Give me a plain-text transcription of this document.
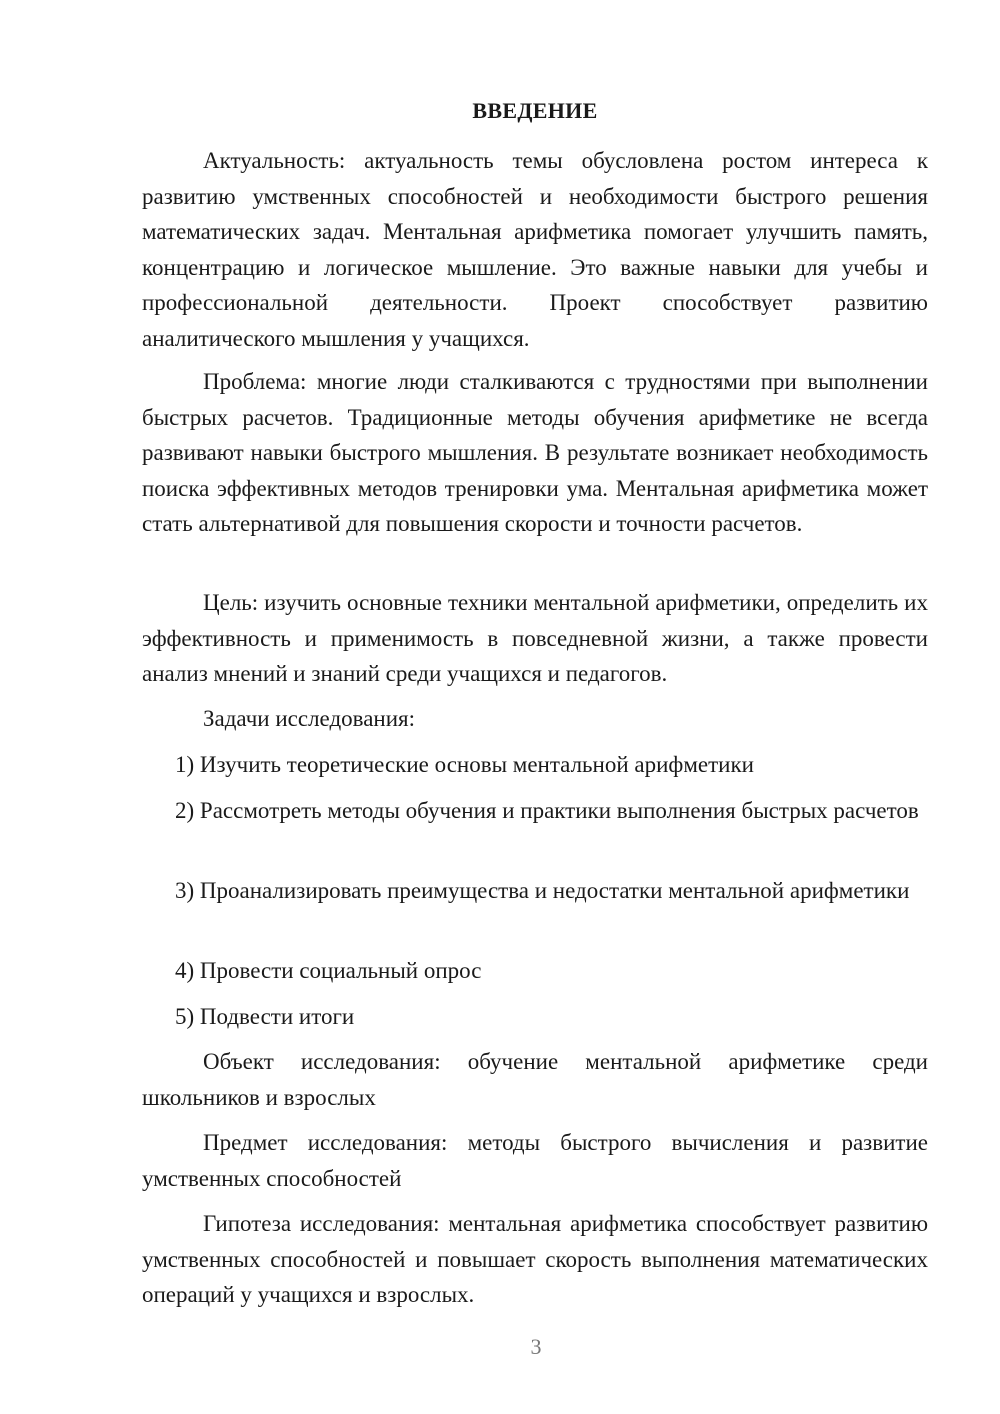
ВВЕДЕНИЕ

Актуальность: актуальность темы обусловлена ростом интереса к развитию умственных способностей и необходимости быстрого решения математических задач. Ментальная арифметика помогает улучшить память, концентрацию и логическое мышление. Это важные навыки для учебы и профессиональной деятельности. Проект способствует развитию аналитического мышления у учащихся.

Проблема: многие люди сталкиваются с трудностями при выполнении быстрых расчетов. Традиционные методы обучения арифметике не всегда развивают навыки быстрого мышления. В результате возникает необходимость поиска эффективных методов тренировки ума. Ментальная арифметика может стать альтернативой для повышения скорости и точности расчетов.

Цель: изучить основные техники ментальной арифметики, определить их эффективность и применимость в повседневной жизни, а также провести анализ мнений и знаний среди учащихся и педагогов.

Задачи исследования:

1) Изучить теоретические основы ментальной арифметики

2) Рассмотреть методы обучения и практики выполнения быстрых расчетов

3) Проанализировать преимущества и недостатки ментальной арифметики

4) Провести социальный опрос

5) Подвести итоги

Объект исследования: обучение ментальной арифметике среди школьников и взрослых

Предмет исследования: методы быстрого вычисления и развитие умственных способностей

Гипотеза исследования: ментальная арифметика способствует развитию умственных способностей и повышает скорость выполнения математических операций у учащихся и взрослых.

3
